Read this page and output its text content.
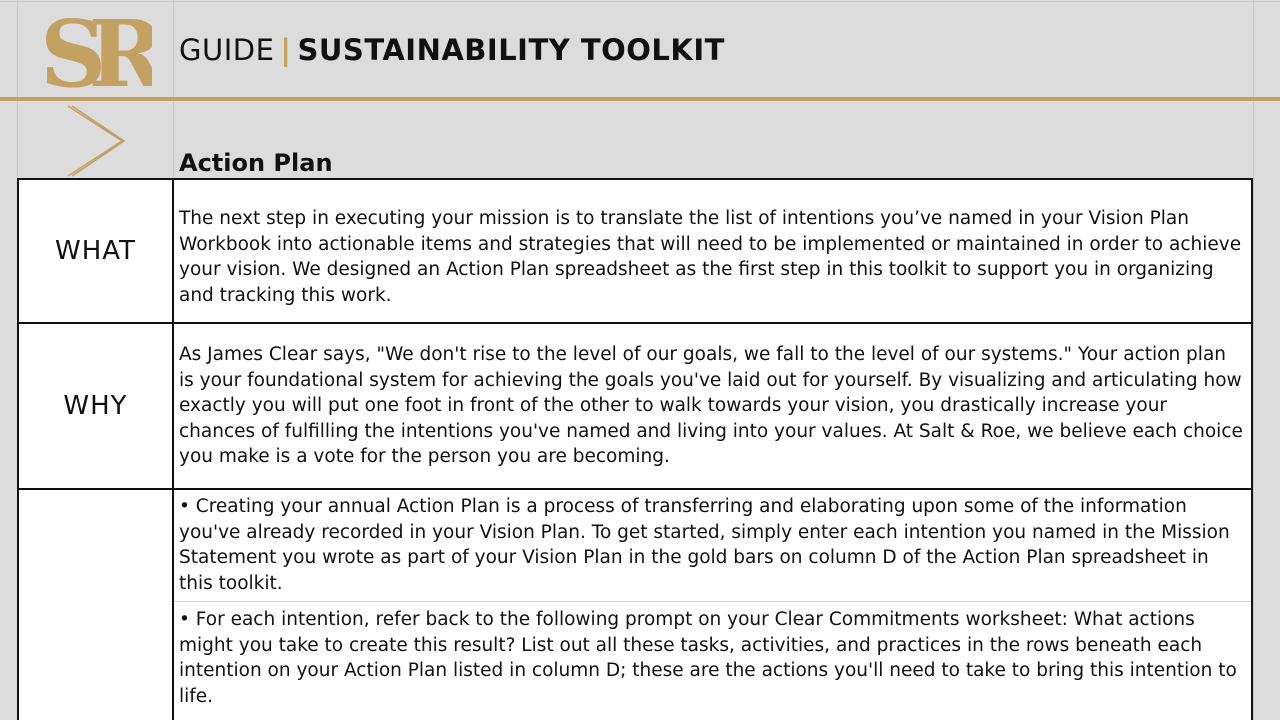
SR	GUIDE | SUSTAINABILITY TOOLKIT
Action Plan
WHAT
The next step in executing your mission is to translate the list of intentions you’ve named in your Vision Plan Workbook into actionable items and strategies that will need to be implemented or maintained in order to achieve your vision. We designed an Action Plan spreadsheet as the first step in this toolkit to support you in organizing and tracking this work.
WHY
As James Clear says, "We don't rise to the level of our goals, we fall to the level of our systems." Your action plan is your foundational system for achieving the goals you've laid out for yourself. By visualizing and articulating how exactly you will put one foot in front of the other to walk towards your vision, you drastically increase your chances of fulfilling the intentions you've named and living into your values. At Salt & Roe, we believe each choice you make is a vote for the person you are becoming.
• Creating your annual Action Plan is a process of transferring and elaborating upon some of the information you've already recorded in your Vision Plan. To get started, simply enter each intention you named in the Mission Statement you wrote as part of your Vision Plan in the gold bars on column D of the Action Plan spreadsheet in this toolkit.
• For each intention, refer back to the following prompt on your Clear Commitments worksheet: What actions might you take to create this result? List out all these tasks, activities, and practices in the rows beneath each intention on your Action Plan listed in column D; these are the actions you'll need to take to bring this intention to life.
